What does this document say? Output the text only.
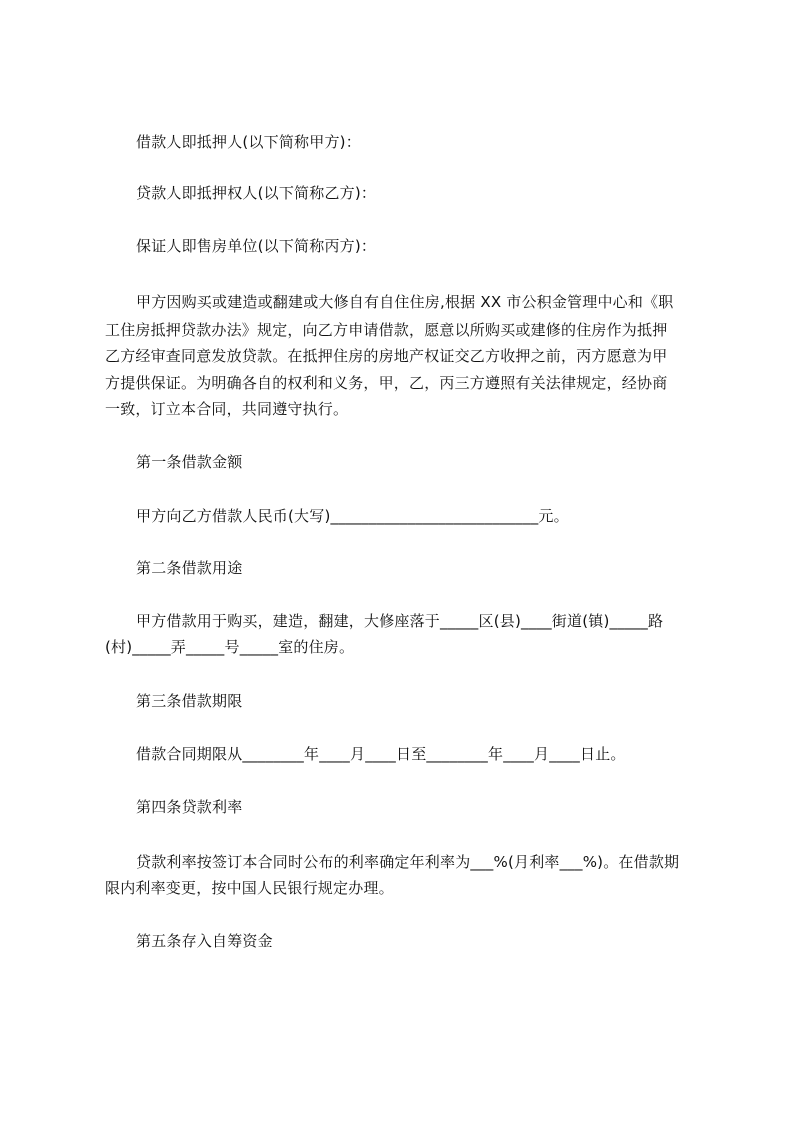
借款人即抵押人(以下简称甲方)：
贷款人即抵押权人(以下简称乙方)：
保证人即售房单位(以下简称丙方)：
甲方因购买或建造或翻建或大修自有自住住房,根据 XX 市公积金管理中心和《职
工住房抵押贷款办法》规定，向乙方申请借款，愿意以所购买或建修的住房作为抵押
乙方经审查同意发放贷款。在抵押住房的房地产权证交乙方收押之前，丙方愿意为甲
方提供保证。为明确各自的权利和义务，甲，乙，丙三方遵照有关法律规定，经协商
一致，订立本合同，共同遵守执行。
第一条借款金额
甲方向乙方借款人民币(大写)___________________________元。
第二条借款用途
甲方借款用于购买，建造，翻建，大修座落于_____区(县)____街道(镇)_____路
(村)_____弄_____号_____室的住房。
第三条借款期限
借款合同期限从________年____月____日至________年____月____日止。
第四条贷款利率
贷款利率按签订本合同时公布的利率确定年利率为___%(月利率___%)。在借款期
限内利率变更，按中国人民银行规定办理。
第五条存入自筹资金
